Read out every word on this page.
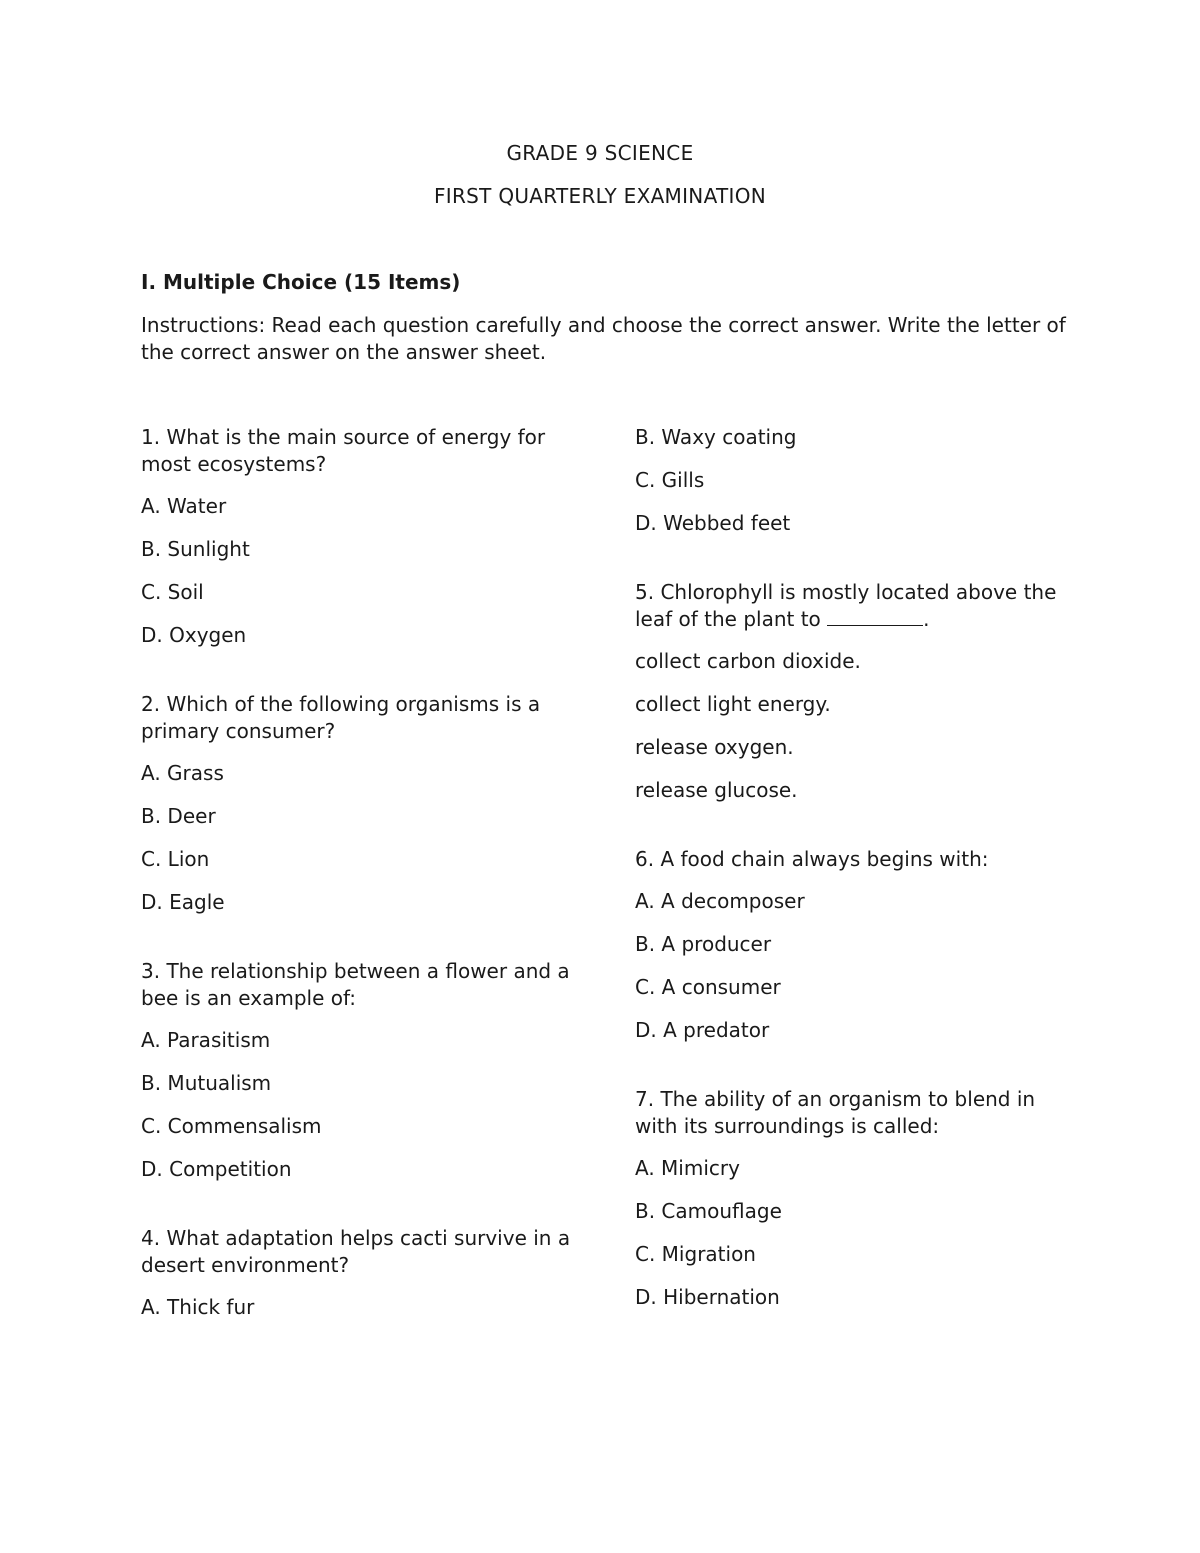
GRADE 9 SCIENCE
FIRST QUARTERLY EXAMINATION
I. Multiple Choice (15 Items)
Instructions: Read each question carefully and choose the correct answer. Write the letter of the correct answer on the answer sheet.
1. What is the main source of energy for most ecosystems?
A. Water
B. Sunlight
C. Soil
D. Oxygen
2. Which of the following organisms is a primary consumer?
A. Grass
B. Deer
C. Lion
D. Eagle
3. The relationship between a flower and a bee is an example of:
A. Parasitism
B. Mutualism
C. Commensalism
D. Competition
4. What adaptation helps cacti survive in a desert environment?
A. Thick fur
B. Waxy coating
C. Gills
D. Webbed feet
5. Chlorophyll is mostly located above the leaf of the plant to	.
collect carbon dioxide.
collect light energy.
release oxygen.
release glucose.
6. A food chain always begins with:
A. A decomposer
B. A producer
C. A consumer
D. A predator
7. The ability of an organism to blend in with its surroundings is called:
A. Mimicry
B. Camouflage
C. Migration
D. Hibernation
